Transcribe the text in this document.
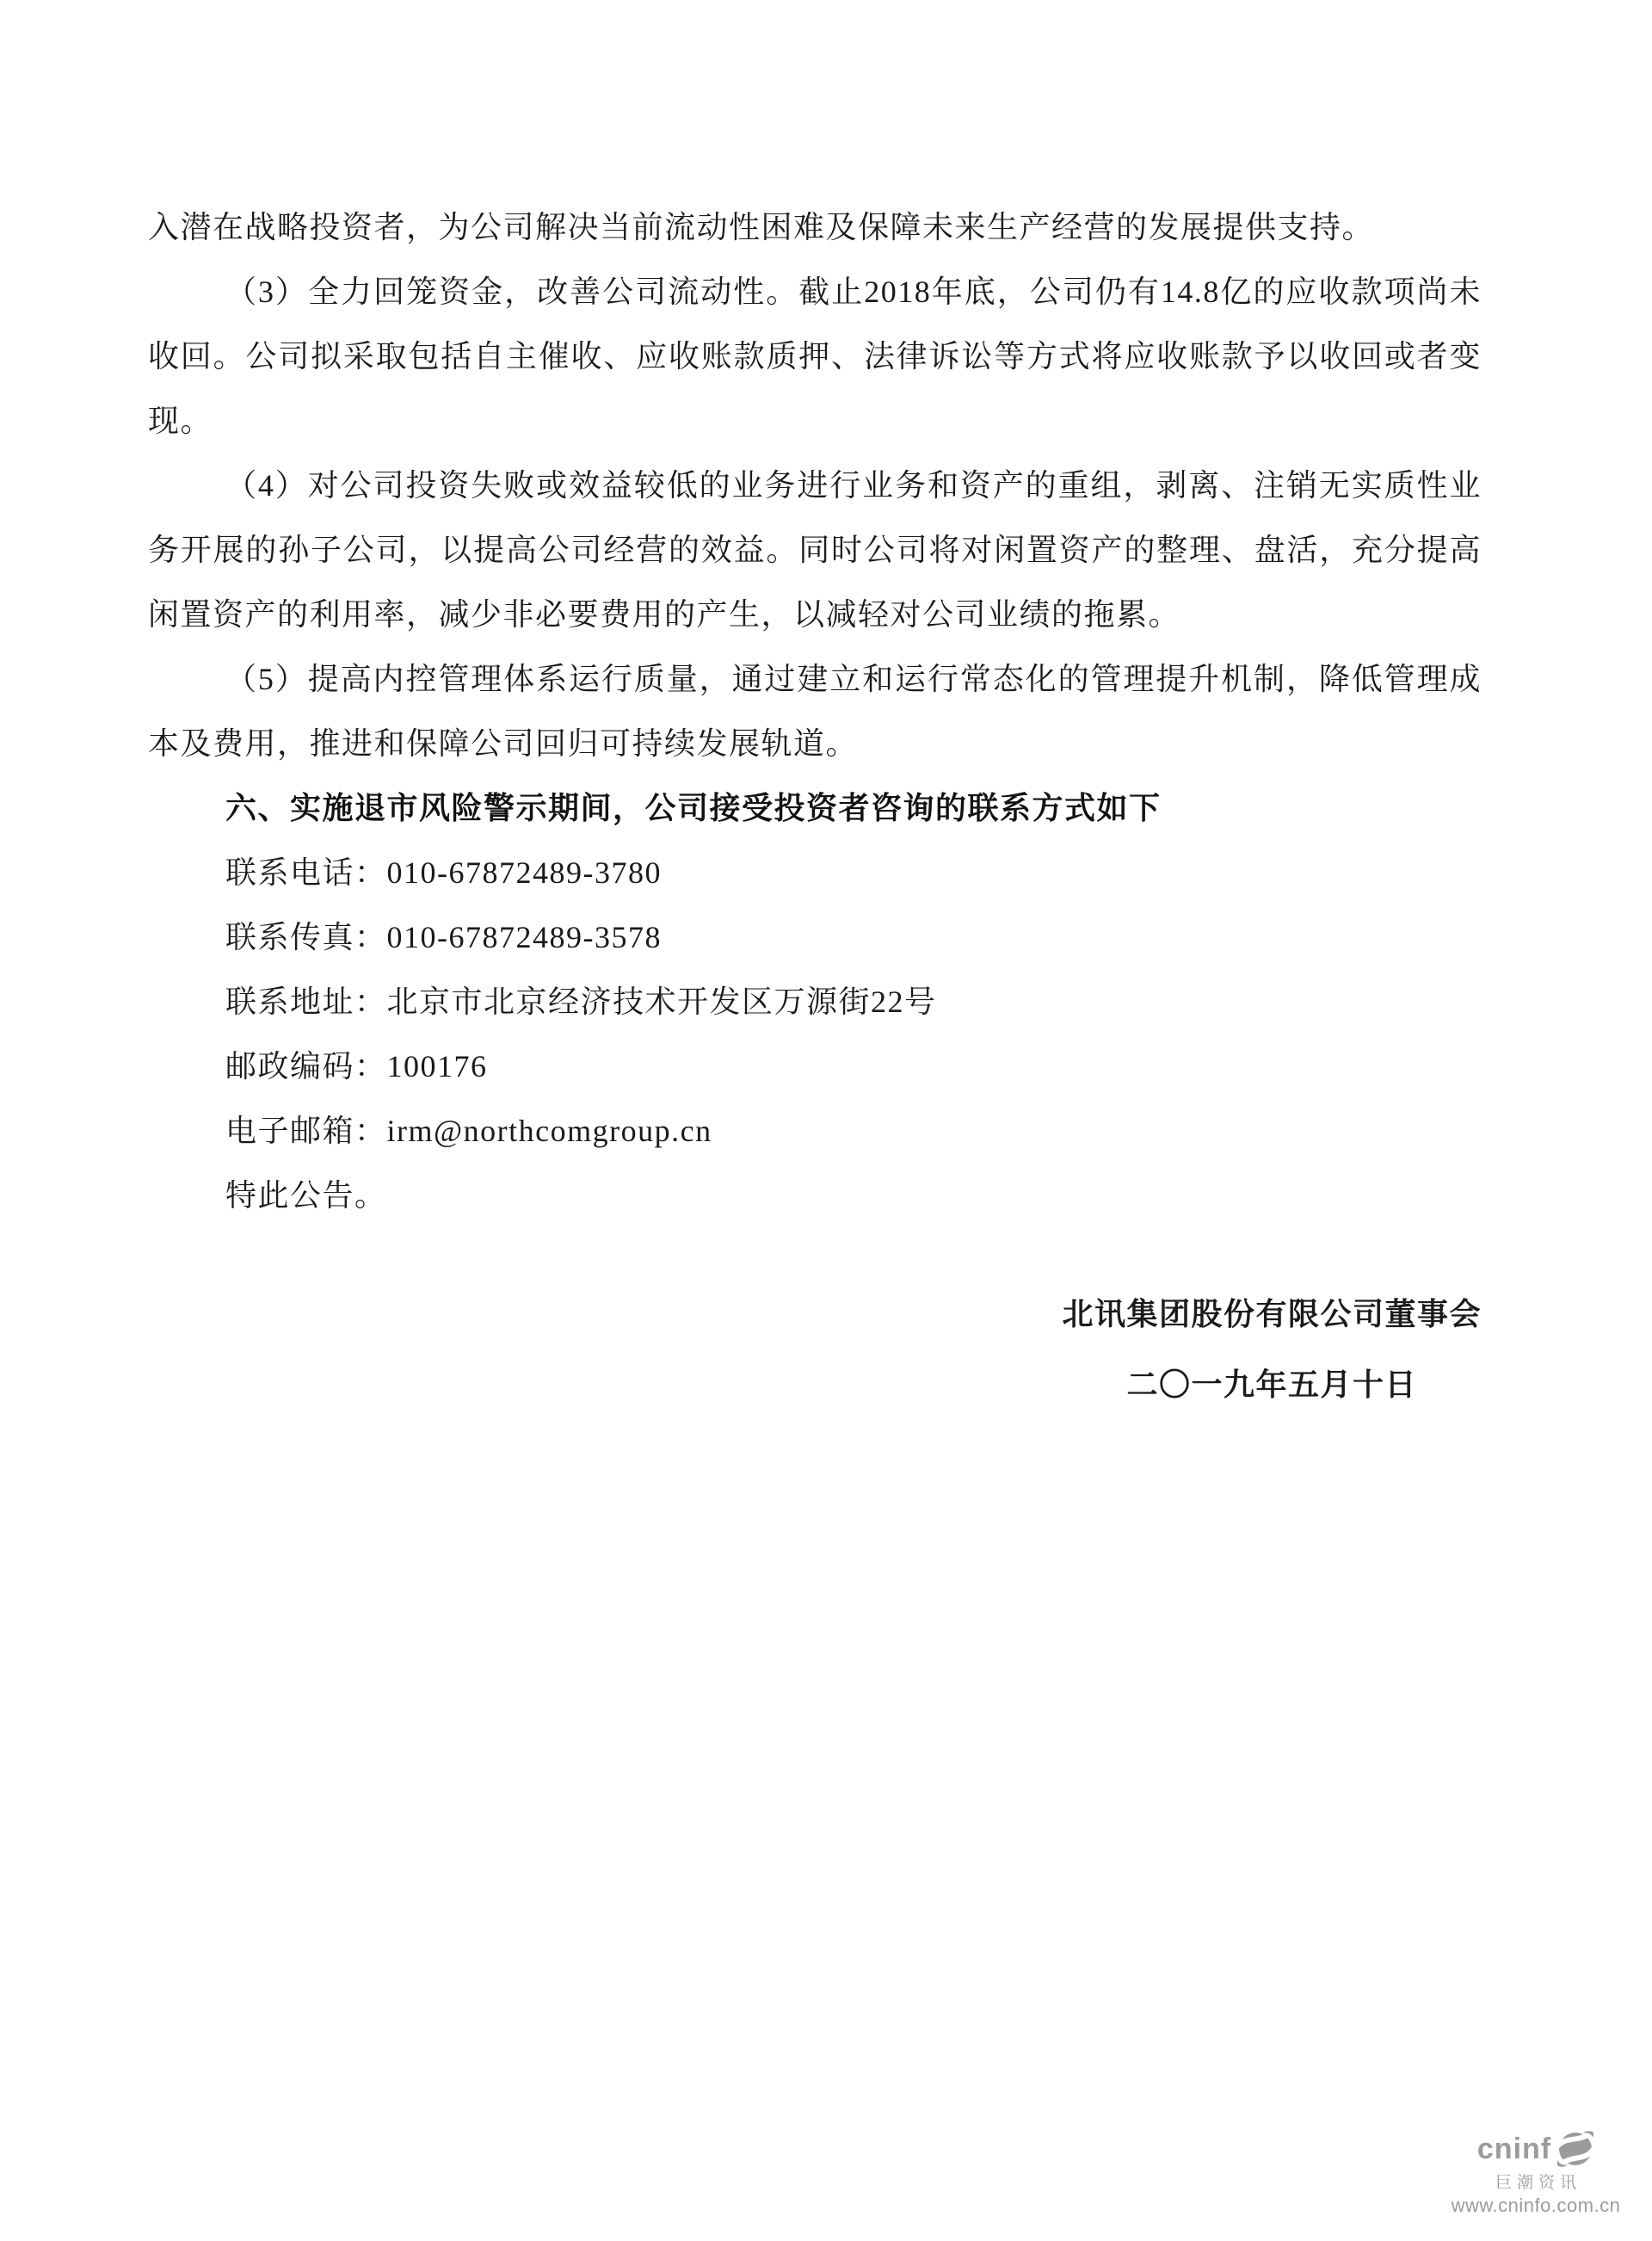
入潜在战略投资者，为公司解决当前流动性困难及保障未来生产经营的发展提供支持。

（3）全力回笼资金，改善公司流动性。截止2018年底，公司仍有14.8亿的应收款项尚未收回。公司拟采取包括自主催收、应收账款质押、法律诉讼等方式将应收账款予以收回或者变现。

（4）对公司投资失败或效益较低的业务进行业务和资产的重组，剥离、注销无实质性业务开展的孙子公司，以提高公司经营的效益。同时公司将对闲置资产的整理、盘活，充分提高闲置资产的利用率，减少非必要费用的产生，以减轻对公司业绩的拖累。

（5）提高内控管理体系运行质量，通过建立和运行常态化的管理提升机制，降低管理成本及费用，推进和保障公司回归可持续发展轨道。

六、实施退市风险警示期间，公司接受投资者咨询的联系方式如下

联系电话：010-67872489-3780

联系传真：010-67872489-3578

联系地址：北京市北京经济技术开发区万源街22号

邮政编码：100176

电子邮箱：irm@northcomgroup.cn

特此公告。

北讯集团股份有限公司董事会
二〇一九年五月十日
cninf
巨潮资讯
www.cninfo.com.cn
